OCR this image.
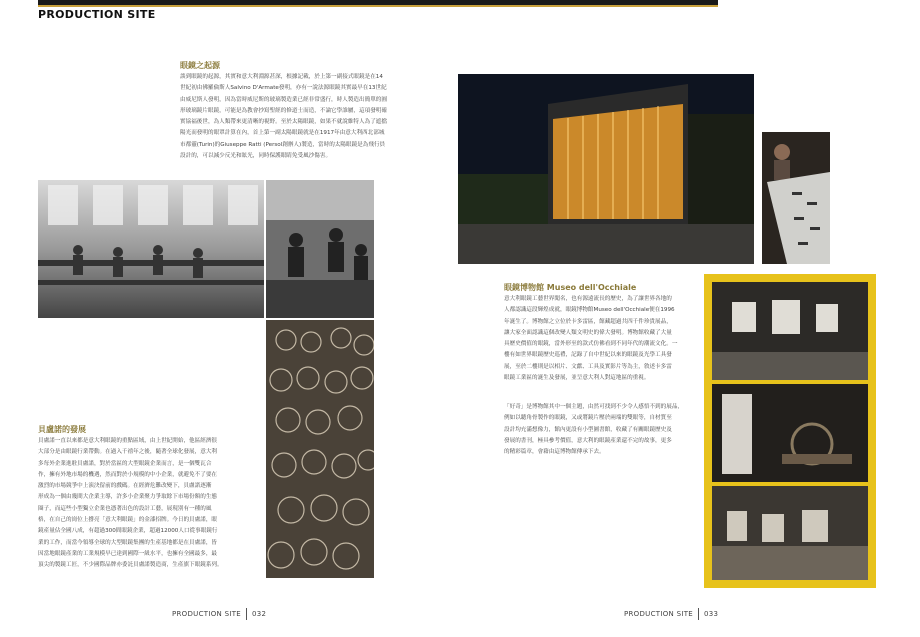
PRODUCTION SITE
眼鏡之起源
談到眼鏡的起源，其實和意大利淵源甚深，根據記載，於上第一副接式眼鏡是在14
世紀初由佛羅倫斯人Salvino D'Armate發明，亦有一說法源眼鏡其實最早在13世紀
由威尼斯人發明，因為當時威尼斯的玻璃製造業已經非常盛行，時人製造出簡單的圓
形玻璃鏡片眼鏡，可能是為教會抄寫聖經的修道士而造，不論它學誰屬，這項發明確
實協福後世，為人類帶來更清晰的視野。至於太陽眼鏡，如果不就說維特人為了遮擋
陽光而發明的眼罩計算在內，首上第一副太陽眼鏡就是在1917年由意大利西北部城
市都靈(Turin)的Giuseppe Ratti (Persol創辦人)製造，當時的太陽眼鏡是為飛行員
設計的，可以減少反光和眩光，同時保護眼睛免受風沙傷害。
貝盧諾的發展
貝盧諾一直以來都是意大利眼鏡的重點區域，由上世紀開始，他區經濟很
大部分是由眼鏡行業帶動。在過入千禧年之後，隨著全球化發展，意大利
多每外企業進駐貝盧諾，對於當區的大型眼鏡企業而言，是一個雙瓦合
作，擁有外地市場的機遇，然而對於小規模的中小企業，就避免不了要在
激烈的市場競爭中上演決留前的戲碼。在經濟危難改變下，貝盧諾逐漸
形成為一個由幾間大企業主導，許多小企業聚力爭取餘下市場份額的生態
圈子，而這些小型獨立企業也憑著出色的設計工藝，展現別有一種的風
格，在自己的崗位上撐亮「意大利眼鏡」的金漆招牌。今日的貝盧諾，眼
鏡產量佔全國八成，有超過300間眼鏡企業，超過12000人口從事眼鏡行
業的工作，而當今領導全球的大型眼鏡集團的生產基地都是在貝盧諾，皆
因當地眼鏡產業的工業規模早已達到國際一級水平，也擁有全國最多，最
頂尖的製鏡工匠，不少國際品牌亦委託貝盧諾製造商，生產旗下眼鏡系列。
PRODUCTION SITE 032
眼鏡博物館 Museo dell'Occhiale
意大利眼鏡工藝世界聞名，也有源遠流長的歷史，為了讓世界各地的
人都認識這段輝煌成就，眼鏡博物館Museo dell'Occhiale便在1996
年誕生了。博物館之立位於卡多雷區，館藏超過共四千件珍貴展品，
讓大家全面認識這個改變人類文明史的偉大發明。博物館收藏了大量
具歷史價值的眼鏡，當外形至的款式仿佛看到不同年代的潮流文化。一
樓有如世界眼鏡歷史巡禮，記錄了自中世紀以來的眼鏡及光學工具發
展，至於二樓則是以相片、文獻、工具及實影片等為主，敘述卡多雷
眼鏡工業區的誕生及發展，並呈意大利人對這地區的重視。
「好奇」是博物館其中一個主題，由然可找到不少令人感悟不到的展品，
例如以聽角骨製作的眼鏡，又或將鏡片壓於兩端的雙眼等，自材質至
設計均充滿想像力，館內更設有小型圖書館，收藏了有關眼鏡歷史及
發展的書刊，極具參考價值，意大利的眼鏡產業還不完的故事，更多
的精彩篇章，會藉由這博物館傳承下去。
PRODUCTION SITE 033
